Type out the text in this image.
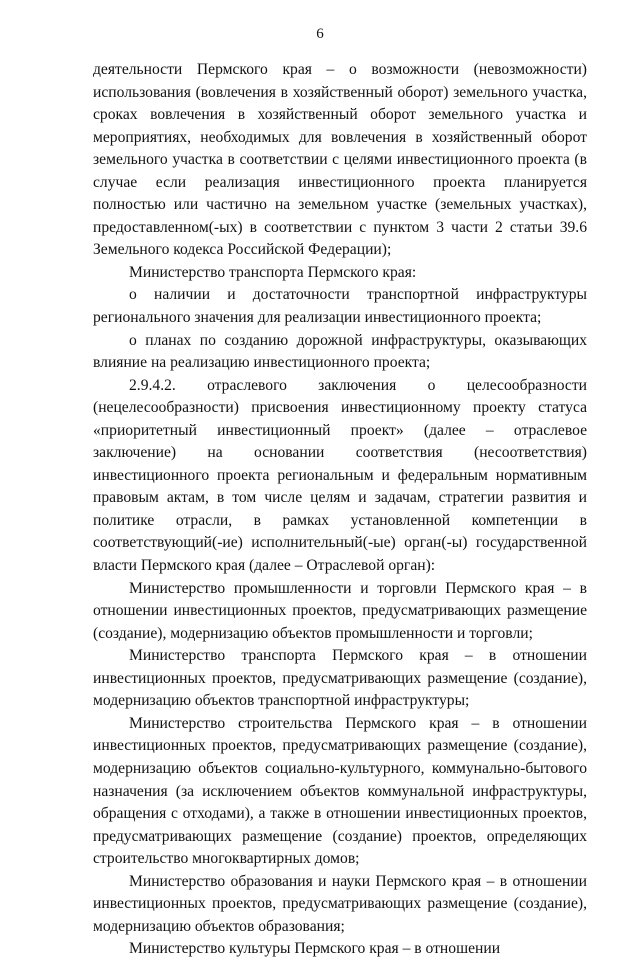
6

деятельности Пермского края – о возможности (невозможности) использования (вовлечения в хозяйственный оборот) земельного участка, сроках вовлечения в хозяйственный оборот земельного участка и мероприятиях, необходимых для вовлечения в хозяйственный оборот земельного участка в соответствии с целями инвестиционного проекта (в случае если реализация инвестиционного проекта планируется полностью или частично на земельном участке (земельных участках), предоставленном(-ых) в соответствии с пунктом 3 части 2 статьи 39.6 Земельного кодекса Российской Федерации);

Министерство транспорта Пермского края:

о наличии и достаточности транспортной инфраструктуры регионального значения для реализации инвестиционного проекта;

о планах по созданию дорожной инфраструктуры, оказывающих влияние на реализацию инвестиционного проекта;

2.9.4.2. отраслевого заключения о целесообразности (нецелесообразности) присвоения инвестиционному проекту статуса «приоритетный инвестиционный проект» (далее – отраслевое заключение) на основании соответствия (несоответствия) инвестиционного проекта региональным и федеральным нормативным правовым актам, в том числе целям и задачам, стратегии развития и политике отрасли, в рамках установленной компетенции в соответствующий(-ие) исполнительный(-ые) орган(-ы) государственной власти Пермского края (далее – Отраслевой орган):

Министерство промышленности и торговли Пермского края – в отношении инвестиционных проектов, предусматривающих размещение (создание), модернизацию объектов промышленности и торговли;

Министерство транспорта Пермского края – в отношении инвестиционных проектов, предусматривающих размещение (создание), модернизацию объектов транспортной инфраструктуры;

Министерство строительства Пермского края – в отношении инвестиционных проектов, предусматривающих размещение (создание), модернизацию объектов социально-культурного, коммунально-бытового назначения (за исключением объектов коммунальной инфраструктуры, обращения с отходами), а также в отношении инвестиционных проектов, предусматривающих размещение (создание) проектов, определяющих строительство многоквартирных домов;

Министерство образования и науки Пермского края – в отношении инвестиционных проектов, предусматривающих размещение (создание), модернизацию объектов образования;

Министерство культуры Пермского края – в отношении
